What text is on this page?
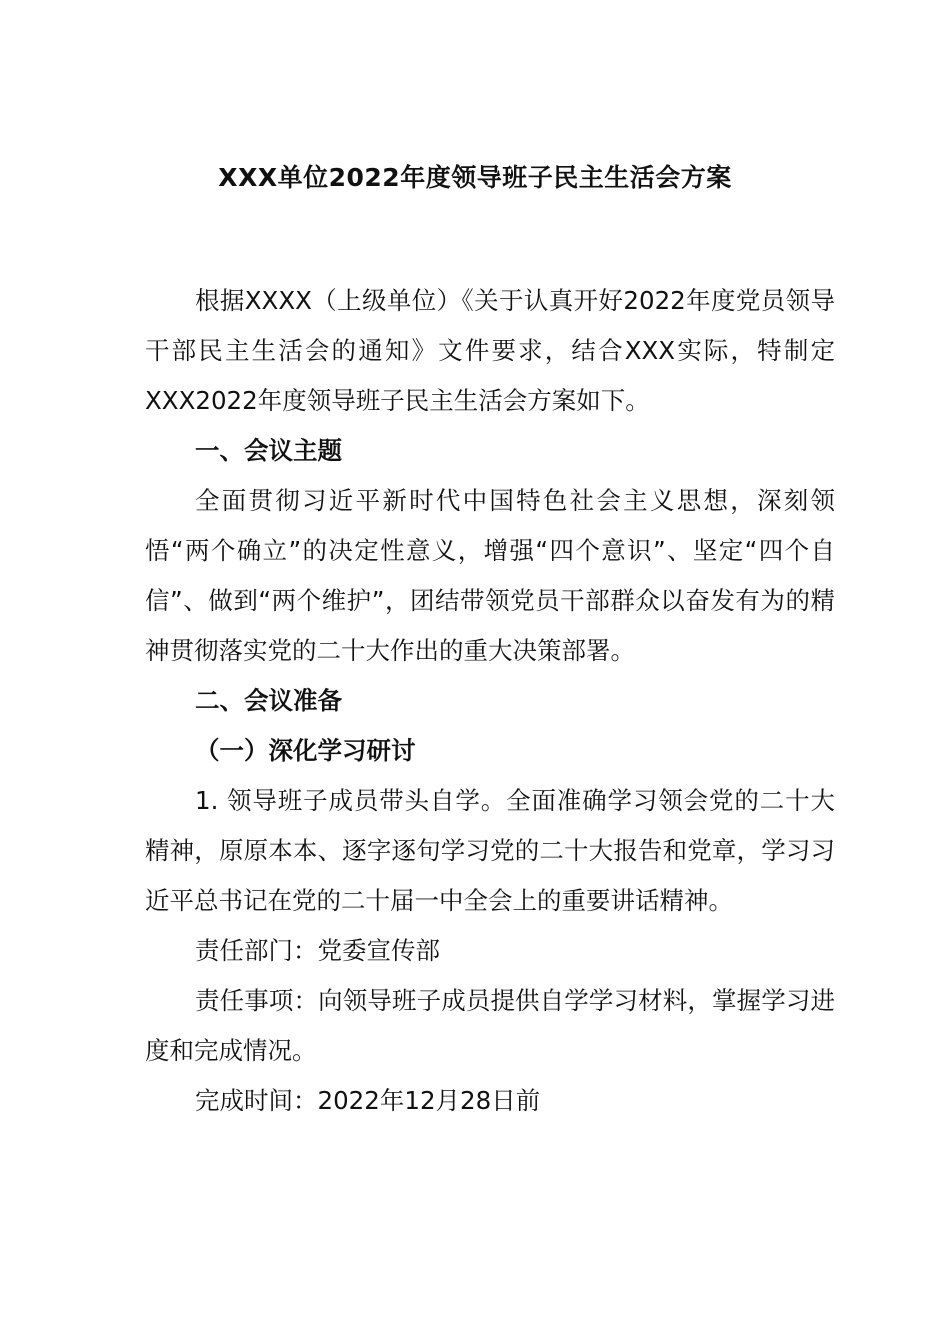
XXX单位2022年度领导班子民主生活会方案

根据XXXX（上级单位）《关于认真开好2022年度党员领导干部民主生活会的通知》文件要求，结合XXX实际，特制定XXX2022年度领导班子民主生活会方案如下。

一、会议主题

全面贯彻习近平新时代中国特色社会主义思想，深刻领悟“两个确立”的决定性意义，增强“四个意识”、坚定“四个自信”、做到“两个维护”，团结带领党员干部群众以奋发有为的精神贯彻落实党的二十大作出的重大决策部署。

二、会议准备

（一）深化学习研讨

1. 领导班子成员带头自学。全面准确学习领会党的二十大精神，原原本本、逐字逐句学习党的二十大报告和党章，学习习近平总书记在党的二十届一中全会上的重要讲话精神。

责任部门：党委宣传部

责任事项：向领导班子成员提供自学学习材料，掌握学习进度和完成情况。

完成时间：2022年12月28日前
